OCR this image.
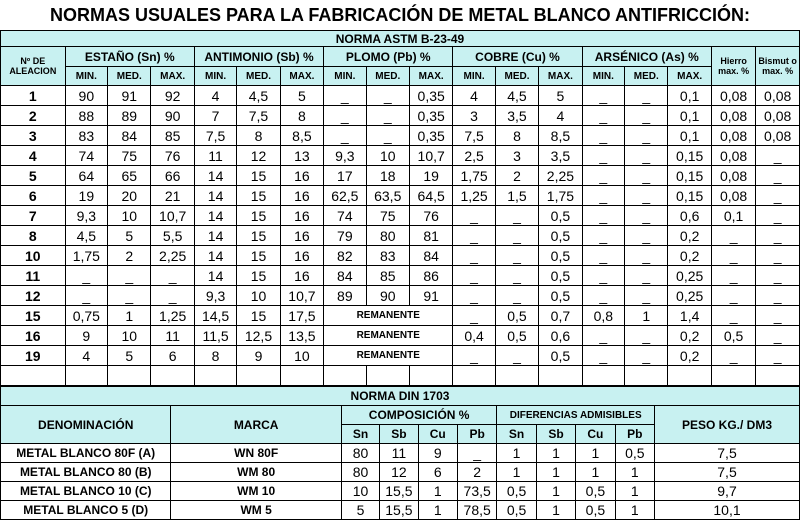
NORMAS USUALES PARA LA FABRICACIÓN DE METAL BLANCO ANTIFRICCIÓN:
NORMA ASTM B-23-49																	
Nº DE ALEACION	ESTAÑO (Sn) %			ANTIMONIO (Sb) %			PLOMO (Pb) %			COBRE (Cu) %			ARSÉNICO (As) %			Hierro max. %	Bismut o max. %
	MIN.	MED.	MAX.	MIN.	MED.	MAX.	MIN.	MED.	MAX.	MIN.	MED.	MAX.	MIN.	MED.	MAX.		
1	90	91	92	4	4,5	5	_	_	0,35	4	4,5	5	_	_	0,1	0,08	0,08
2	88	89	90	7	7,5	8	_	_	0,35	3	3,5	4	_	_	0,1	0,08	0,08
3	83	84	85	7,5	8	8,5	_	_	0,35	7,5	8	8,5	_	_	0,1	0,08	0,08
4	74	75	76	11	12	13	9,3	10	10,7	2,5	3	3,5	_	_	0,15	0,08	_
5	64	65	66	14	15	16	17	18	19	1,75	2	2,25	_	_	0,15	0,08	_
6	19	20	21	14	15	16	62,5	63,5	64,5	1,25	1,5	1,75	_	_	0,15	0,08	_
7	9,3	10	10,7	14	15	16	74	75	76	_	_	0,5	_	_	0,6	0,1	_
8	4,5	5	5,5	14	15	16	79	80	81	_	_	0,5	_	_	0,2	_	_
10	1,75	2	2,25	14	15	16	82	83	84	_	_	0,5	_	_	0,2	_	_
11	_	_	_	14	15	16	84	85	86	_	_	0,5	_	_	0,25	_	_
12	_	_	_	9,3	10	10,7	89	90	91	_	_	0,5	_	_	0,25	_	_
15	0,75	1	1,25	14,5	15	17,5	REMANENTE			_	0,5	0,7	0,8	1	1,4	_	_
16	9	10	11	11,5	12,5	13,5	REMANENTE			0,4	0,5	0,6	_	_	0,2	0,5	_
19	4	5	6	8	9	10	REMANENTE			_	_	0,5	_	_	0,2	_	_

NORMA DIN 1703										
DENOMINACIÓN	MARCA	COMPOSICIÓN %				DIFERENCIAS ADMISIBLES				PESO KG./ DM3
		Sn	Sb	Cu	Pb	Sn	Sb	Cu	Pb	
METAL BLANCO 80F (A)	WN 80F	80	11	9	_	1	1	1	0,5	7,5
METAL BLANCO 80 (B)	WM 80	80	12	6	2	1	1	1	1	7,5
METAL BLANCO 10 (C)	WM 10	10	15,5	1	73,5	0,5	1	0,5	1	9,7
METAL BLANCO 5 (D)	WM 5	5	15,5	1	78,5	0,5	1	0,5	1	10,1
